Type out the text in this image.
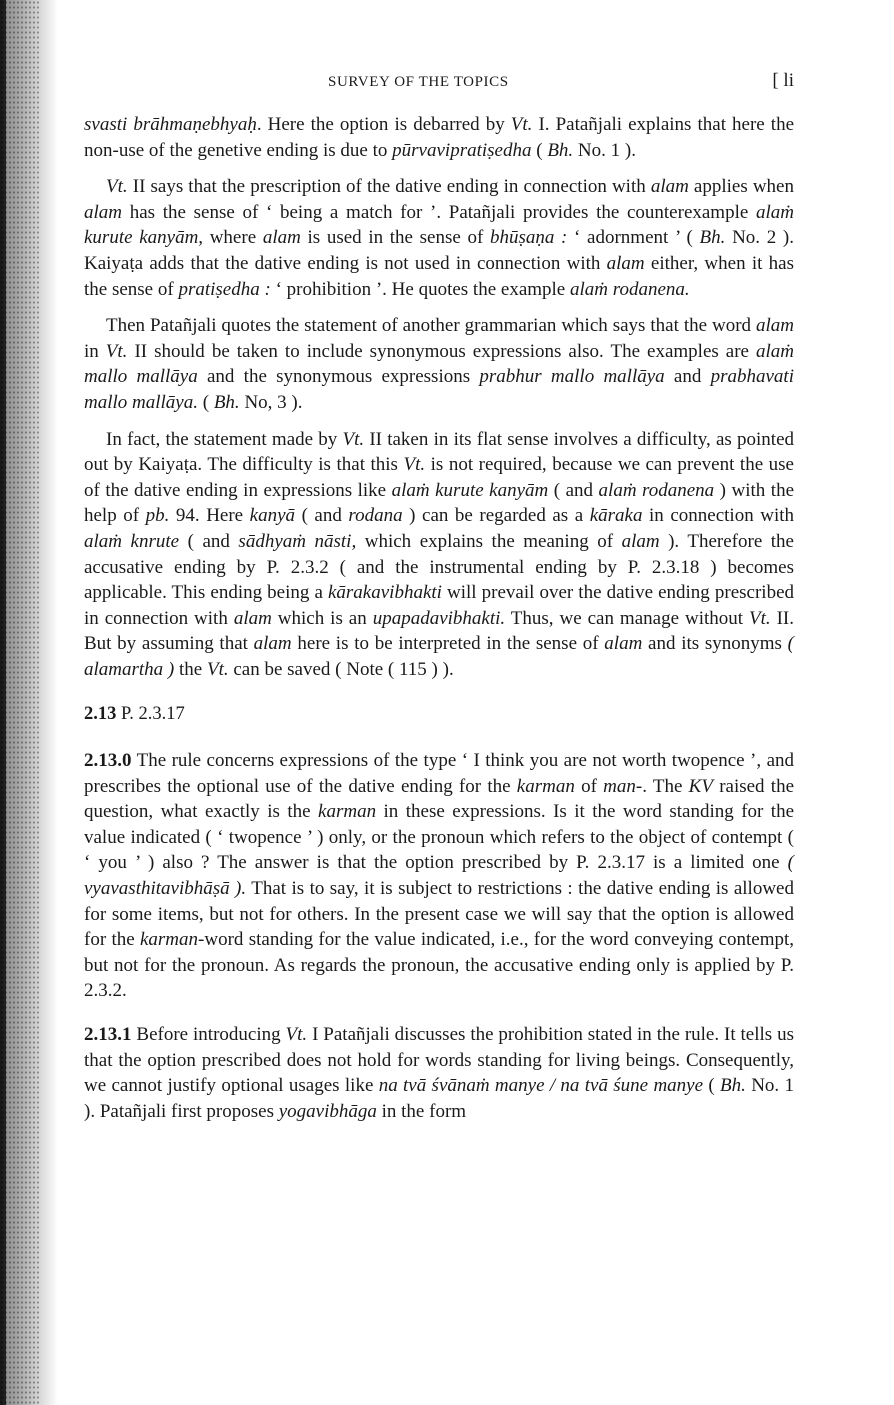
SURVEY OF THE TOPICS	[ li

svasti brāhmaṇebhyaḥ. Here the option is debarred by Vt. I. Patañjali explains that here the non-use of the genetive ending is due to pūrvavipratiṣedha ( Bh. No. 1 ).

Vt. II says that the prescription of the dative ending in connection with alam applies when alam has the sense of ‘ being a match for ’. Patañjali provides the counterexample alaṁ kurute kanyām, where alam is used in the sense of bhūṣaṇa : ‘ adornment ’ ( Bh. No. 2 ). Kaiyaṭa adds that the dative ending is not used in connection with alam either, when it has the sense of pratiṣedha : ‘ prohibition ’. He quotes the example alaṁ rodanena.

Then Patañjali quotes the statement of another grammarian which says that the word alam in Vt. II should be taken to include synonymous expressions also. The examples are alaṁ mallo mallāya and the synonymous expressions prabhur mallo mallāya and prabhavati mallo mallāya. ( Bh. No, 3 ).

In fact, the statement made by Vt. II taken in its flat sense involves a difficulty, as pointed out by Kaiyaṭa. The difficulty is that this Vt. is not required, because we can prevent the use of the dative ending in expressions like alaṁ kurute kanyām ( and alaṁ rodanena ) with the help of pb. 94. Here kanyā ( and rodana ) can be regarded as a kāraka in connection with alaṁ knrute ( and sādhyaṁ nāsti, which explains the meaning of alam ). Therefore the accusative ending by P. 2.3.2 ( and the instrumental ending by P. 2.3.18 ) becomes applicable. This ending being a kārakavibhakti will prevail over the dative ending prescribed in connection with alam which is an upapadavibhakti. Thus, we can manage without Vt. II. But by assuming that alam here is to be interpreted in the sense of alam and its synonyms ( alamartha ) the Vt. can be saved ( Note ( 115 ) ).

2.13 P. 2.3.17

2.13.0 The rule concerns expressions of the type ‘ I think you are not worth twopence ’, and prescribes the optional use of the dative ending for the karman of man-. The KV raised the question, what exactly is the karman in these expressions. Is it the word standing for the value indicated ( ‘ twopence ’ ) only, or the pronoun which refers to the object of contempt ( ‘ you ’ ) also ? The answer is that the option prescribed by P. 2.3.17 is a limited one ( vyavasthitavibhāṣā ). That is to say, it is subject to restrictions : the dative ending is allowed for some items, but not for others. In the present case we will say that the option is allowed for the karman-word standing for the value indicated, i.e., for the word conveying contempt, but not for the pronoun. As regards the pronoun, the accusative ending only is applied by P. 2.3.2.

2.13.1 Before introducing Vt. I Patañjali discusses the prohibition stated in the rule. It tells us that the option prescribed does not hold for words standing for living beings. Consequently, we cannot justify optional usages like na tvā śvānaṁ manye / na tvā śune manye ( Bh. No. 1 ). Patañjali first proposes yogavibhāga in the form
